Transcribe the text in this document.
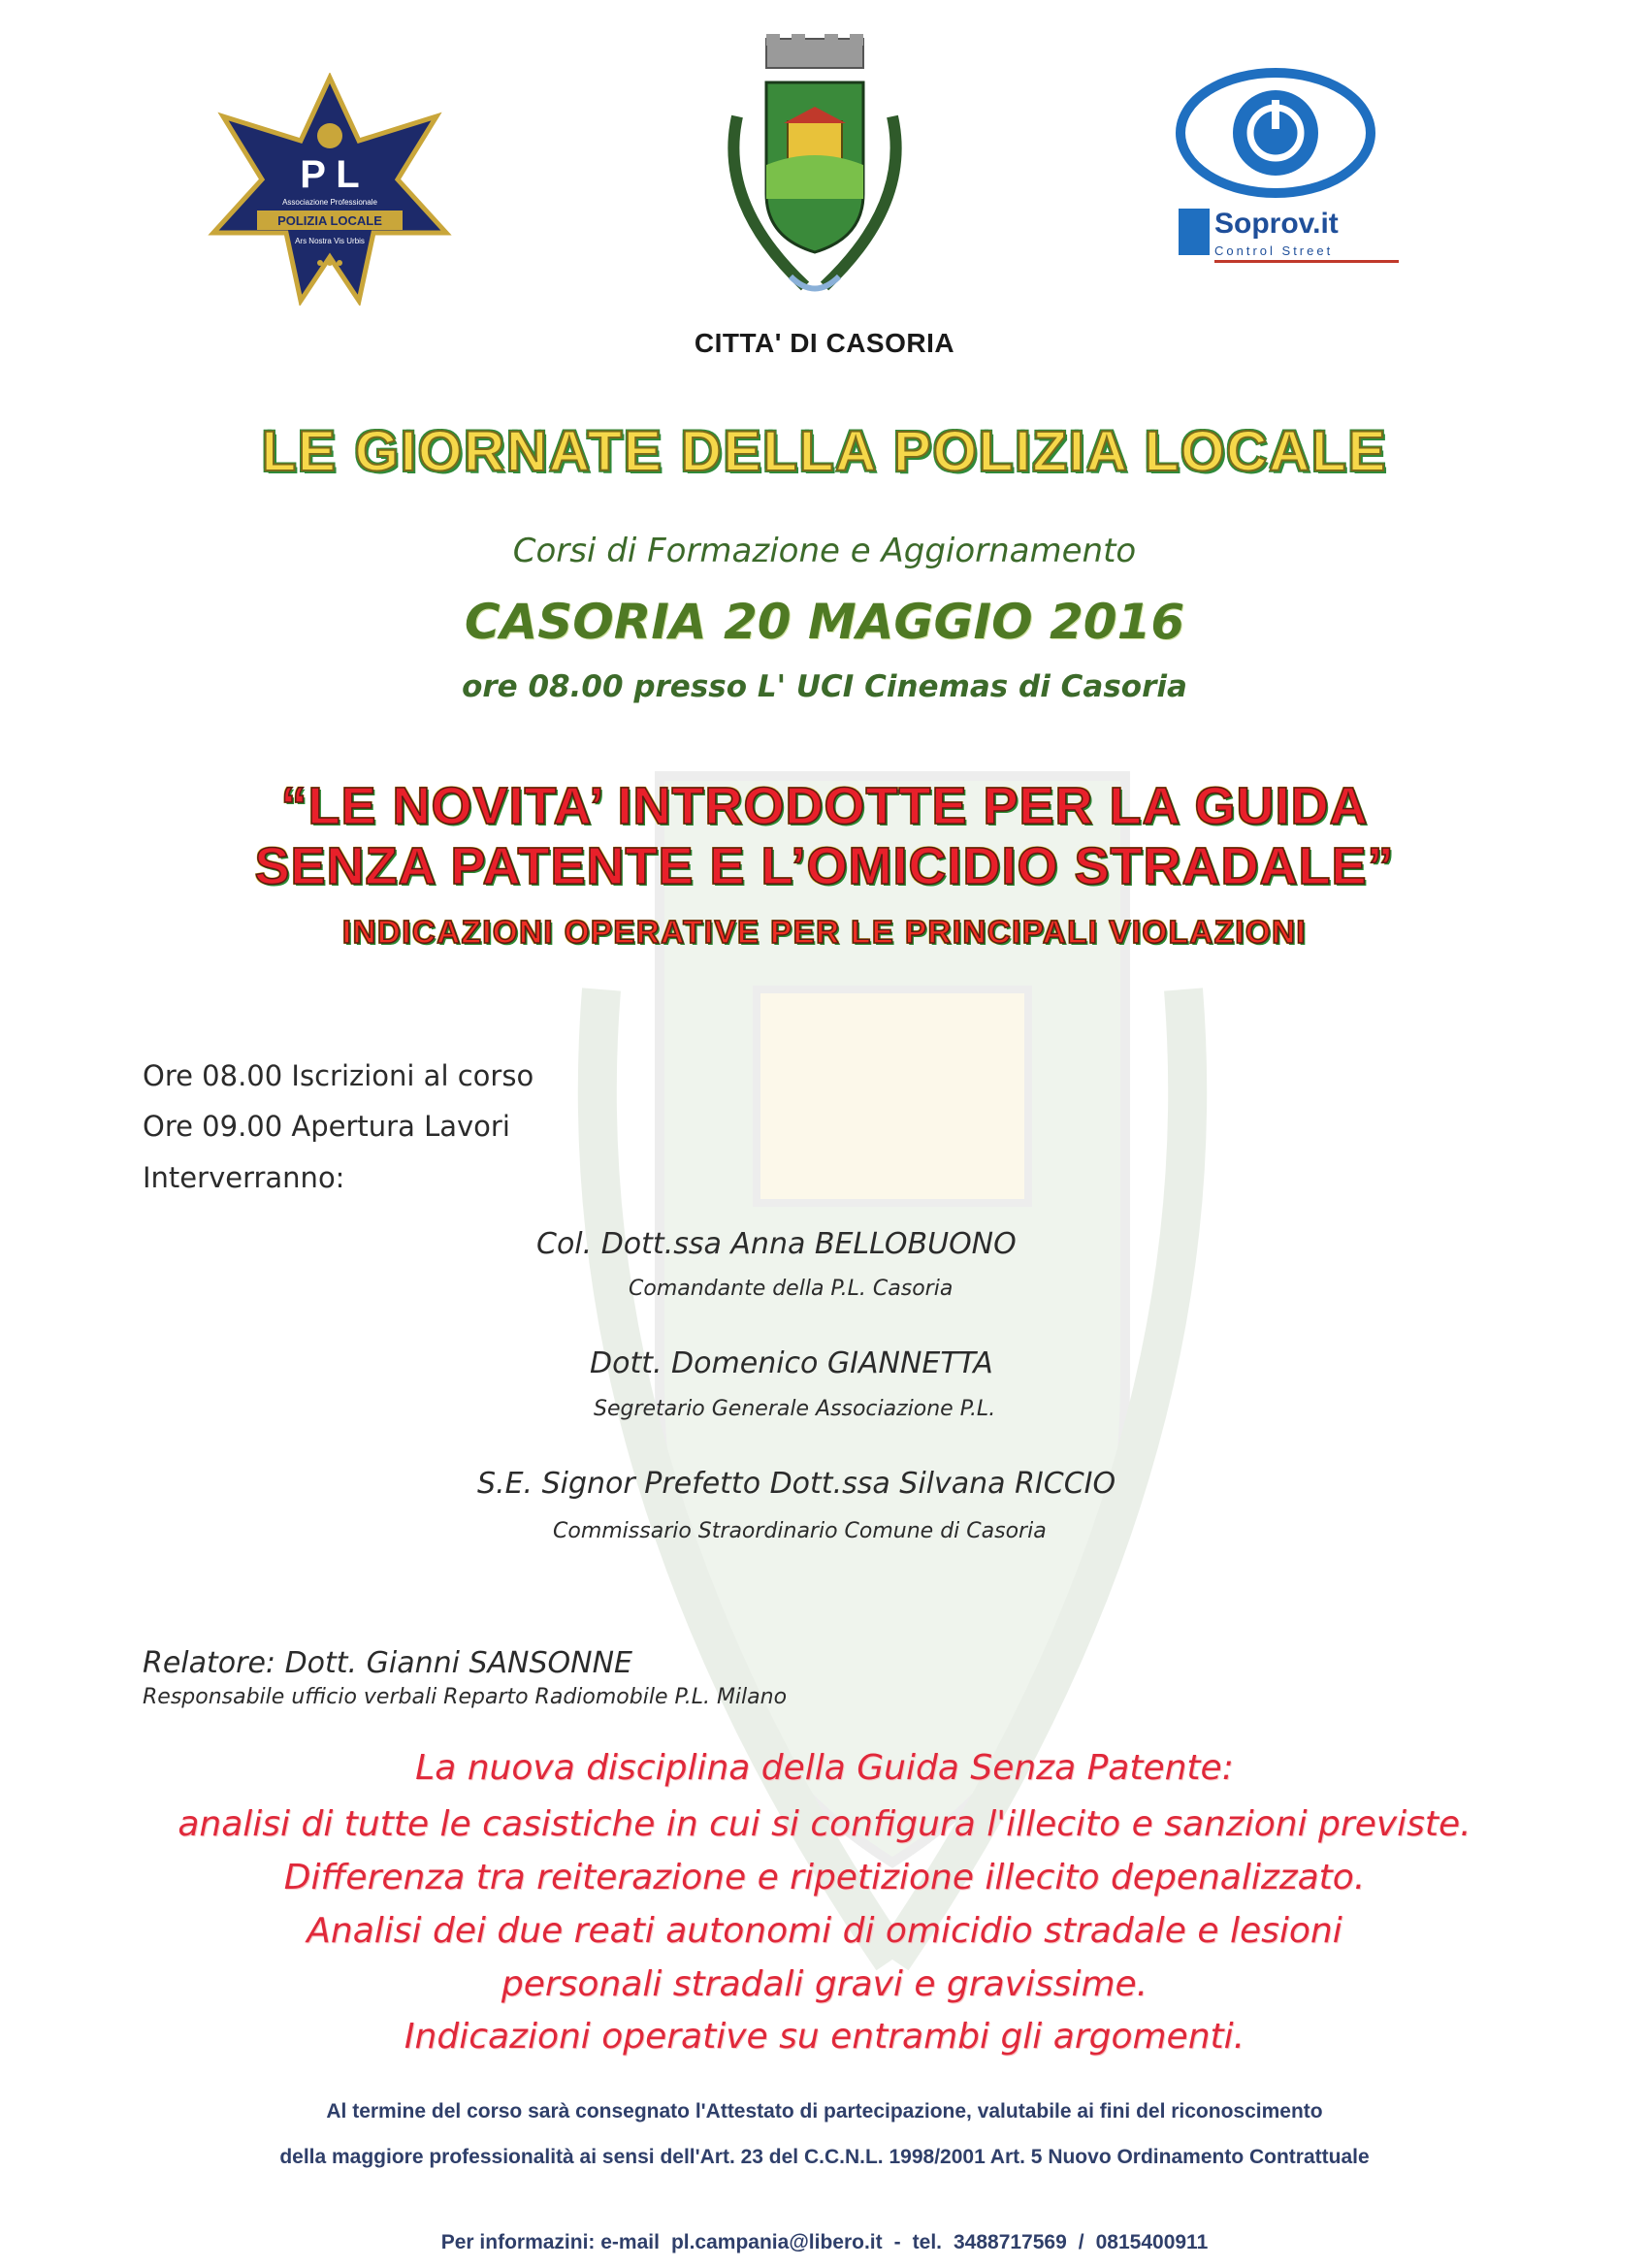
P L
Associazione Professionale
POLIZIA LOCALE
Ars Nostra Vis Urbis
Soprov.it
Control Street
CITTA' DI CASORIA
LE GIORNATE DELLA POLIZIA LOCALE
Corsi di Formazione e Aggiornamento
CASORIA 20 MAGGIO 2016
ore 08.00 presso L' UCI Cinemas di Casoria
“LE NOVITA’ INTRODOTTE PER LA GUIDA
SENZA PATENTE E L’OMICIDIO STRADALE”
INDICAZIONI OPERATIVE PER LE PRINCIPALI VIOLAZIONI
Ore 08.00 Iscrizioni al corso
Ore 09.00 Apertura Lavori
Interverranno:
Col. Dott.ssa Anna BELLOBUONO
Comandante della P.L. Casoria
Dott. Domenico GIANNETTA
Segretario Generale Associazione P.L.
S.E. Signor Prefetto Dott.ssa Silvana RICCIO
Commissario Straordinario Comune di Casoria
Relatore: Dott. Gianni SANSONNE
Responsabile ufficio verbali Reparto Radiomobile P.L. Milano
La nuova disciplina della Guida Senza Patente:
analisi di tutte le casistiche in cui si configura l'illecito e sanzioni previste.
Differenza tra reiterazione e ripetizione illecito depenalizzato.
Analisi dei due reati autonomi di omicidio stradale e lesioni
personali stradali gravi e gravissime.
Indicazioni operative su entrambi gli argomenti.
Al termine del corso sarà consegnato l'Attestato di partecipazione, valutabile ai fini del riconoscimento
della maggiore professionalità ai sensi dell'Art. 23 del C.C.N.L. 1998/2001 Art. 5 Nuovo Ordinamento Contrattuale
Per informazini: e-mail pl.campania@libero.it - tel. 3488717569 / 0815400911
